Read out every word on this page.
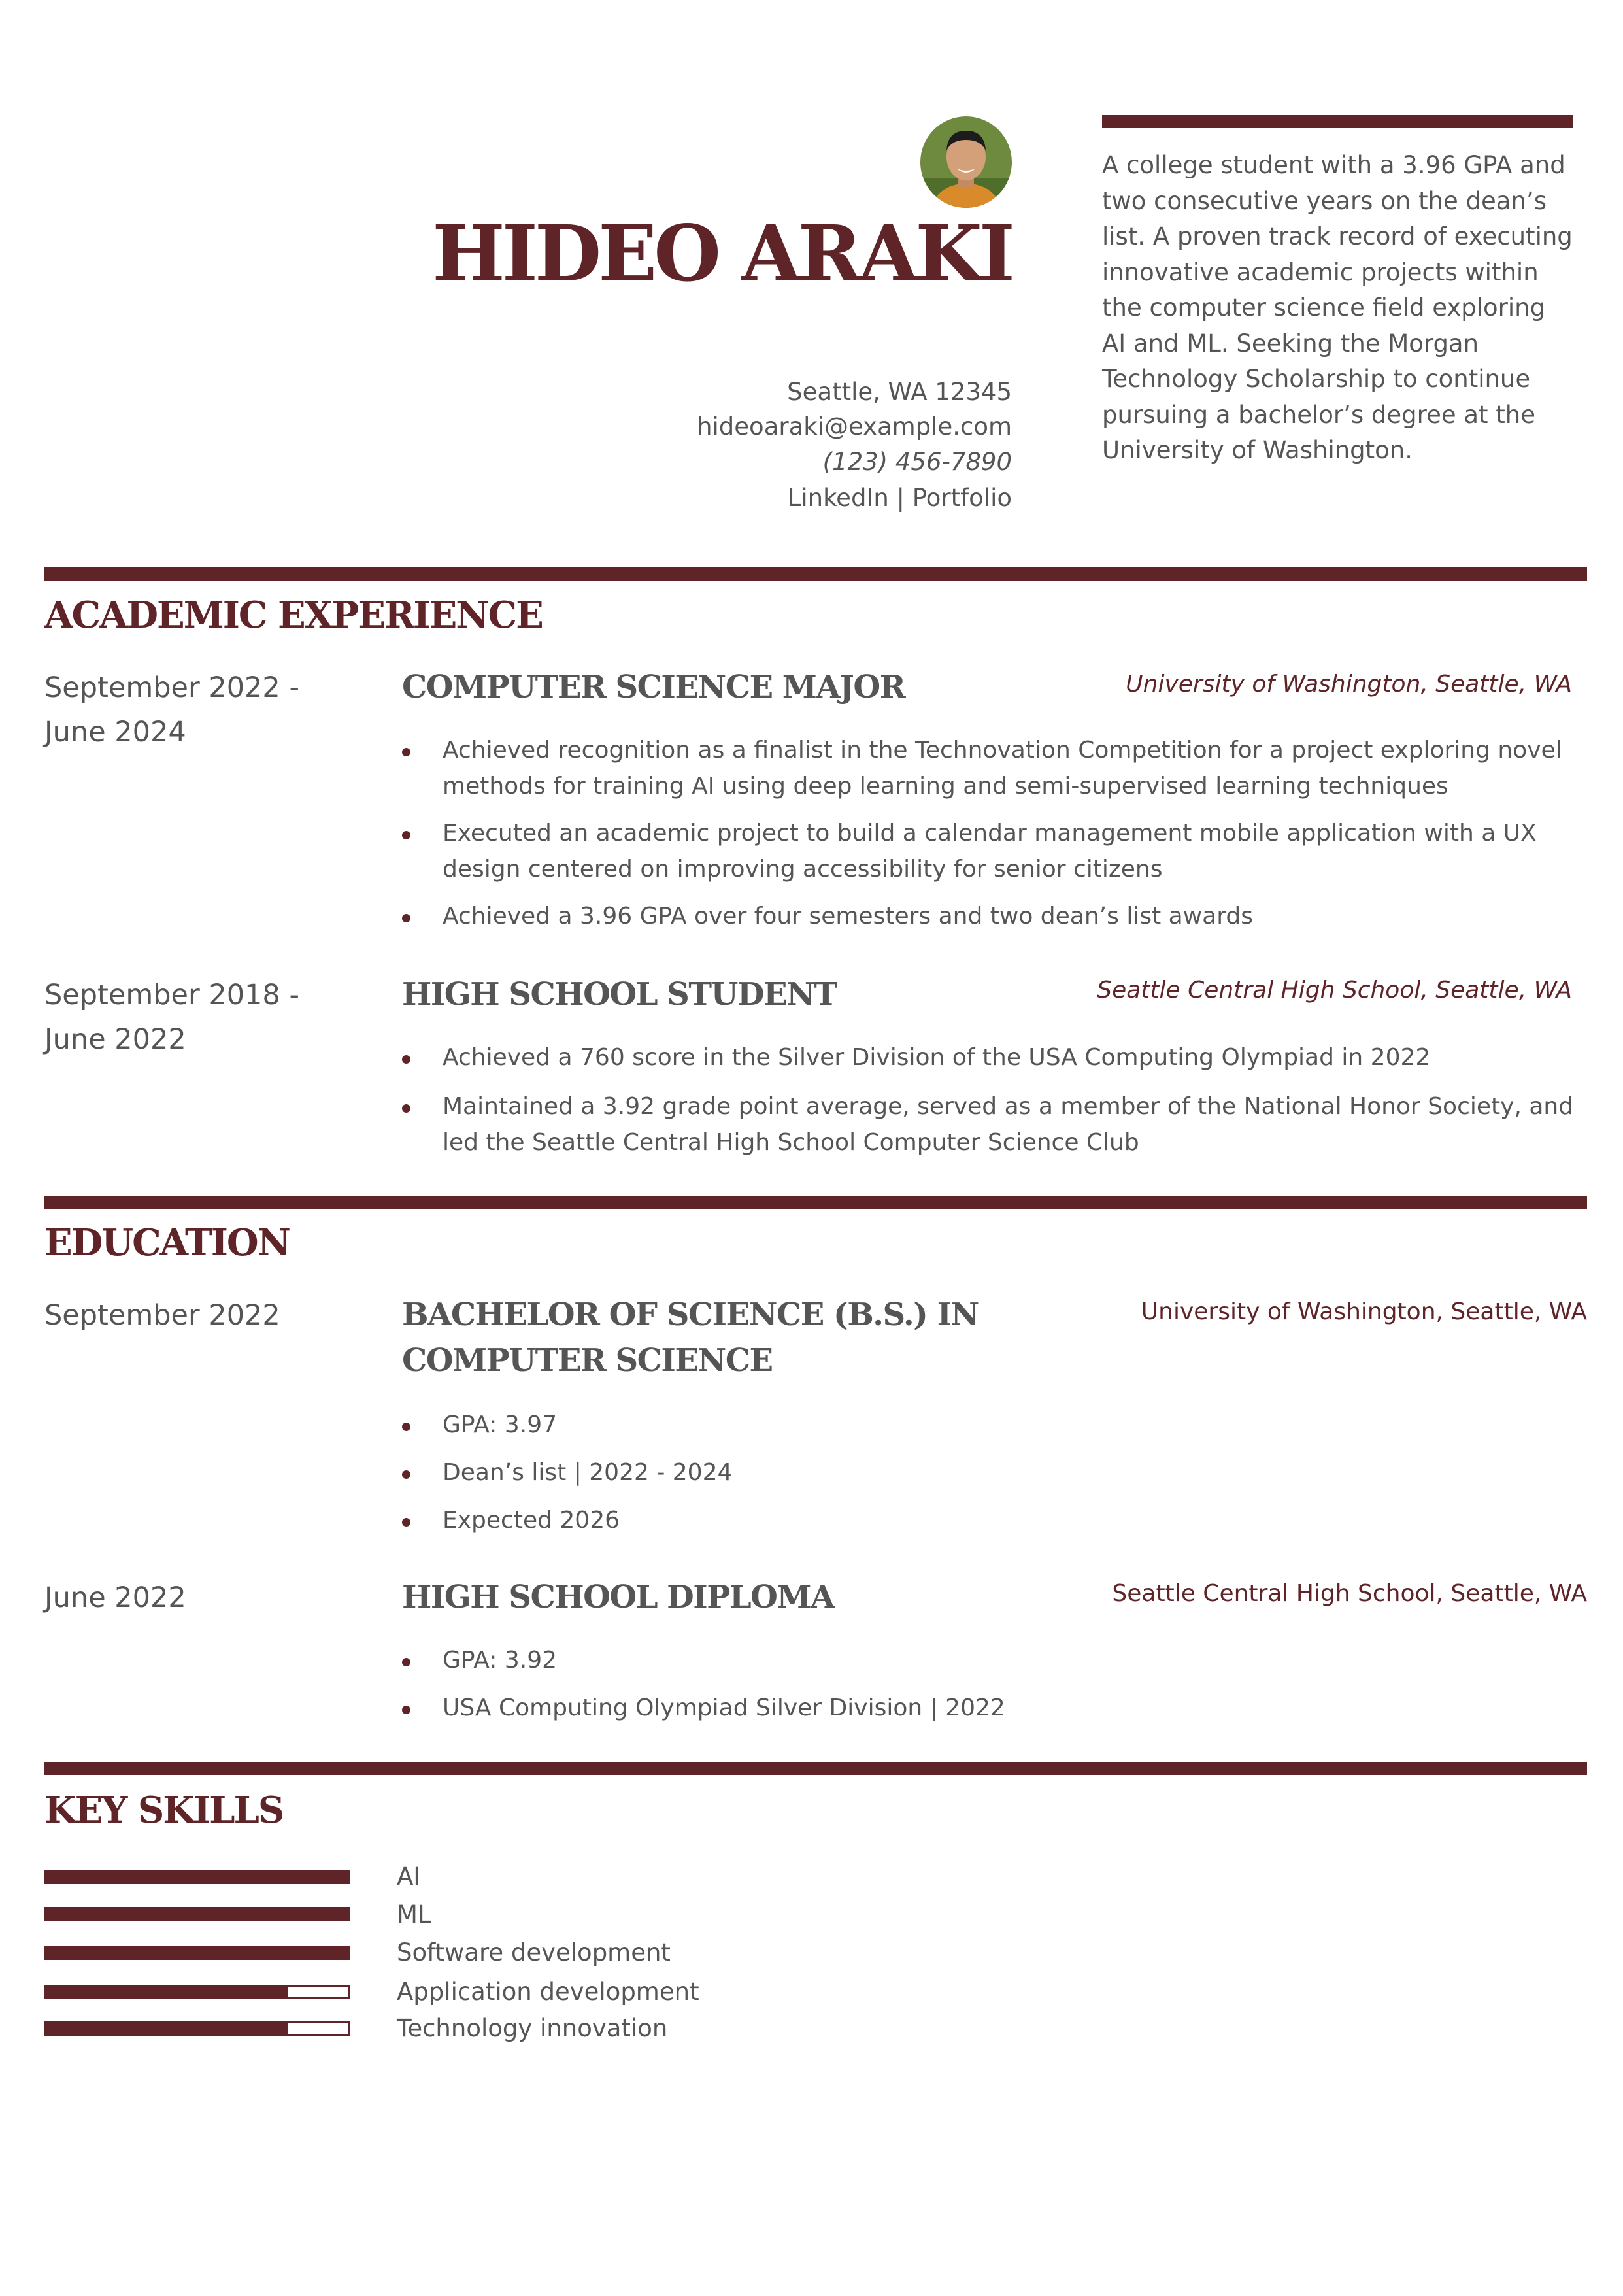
HIDEO ARAKI
Seattle, WA 12345
hideoaraki@example.com
(123) 456-7890
LinkedIn | Portfolio
A college student with a 3.96 GPA and two consecutive years on the dean’s list. A proven track record of executing innovative academic projects within the computer science field exploring AI and ML. Seeking the Morgan Technology Scholarship to continue pursuing a bachelor’s degree at the University of Washington.
ACADEMIC EXPERIENCE
September 2022 - June 2024
COMPUTER SCIENCE MAJOR	University of Washington, Seattle, WA
Achieved recognition as a finalist in the Technovation Competition for a project exploring novel methods for training AI using deep learning and semi-supervised learning techniques
Executed an academic project to build a calendar management mobile application with a UX design centered on improving accessibility for senior citizens
Achieved a 3.96 GPA over four semesters and two dean’s list awards
September 2018 - June 2022
HIGH SCHOOL STUDENT	Seattle Central High School, Seattle, WA
Achieved a 760 score in the Silver Division of the USA Computing Olympiad in 2022
Maintained a 3.92 grade point average, served as a member of the National Honor Society, and led the Seattle Central High School Computer Science Club
EDUCATION
September 2022	BACHELOR OF SCIENCE (B.S.) IN COMPUTER SCIENCE
University of Washington, Seattle, WA
GPA: 3.97
Dean’s list | 2022 - 2024
Expected 2026
June 2022	HIGH SCHOOL DIPLOMA	Seattle Central High School, Seattle, WA
GPA: 3.92
USA Computing Olympiad Silver Division | 2022
KEY SKILLS
AI
ML
Software development
Application development
Technology innovation
